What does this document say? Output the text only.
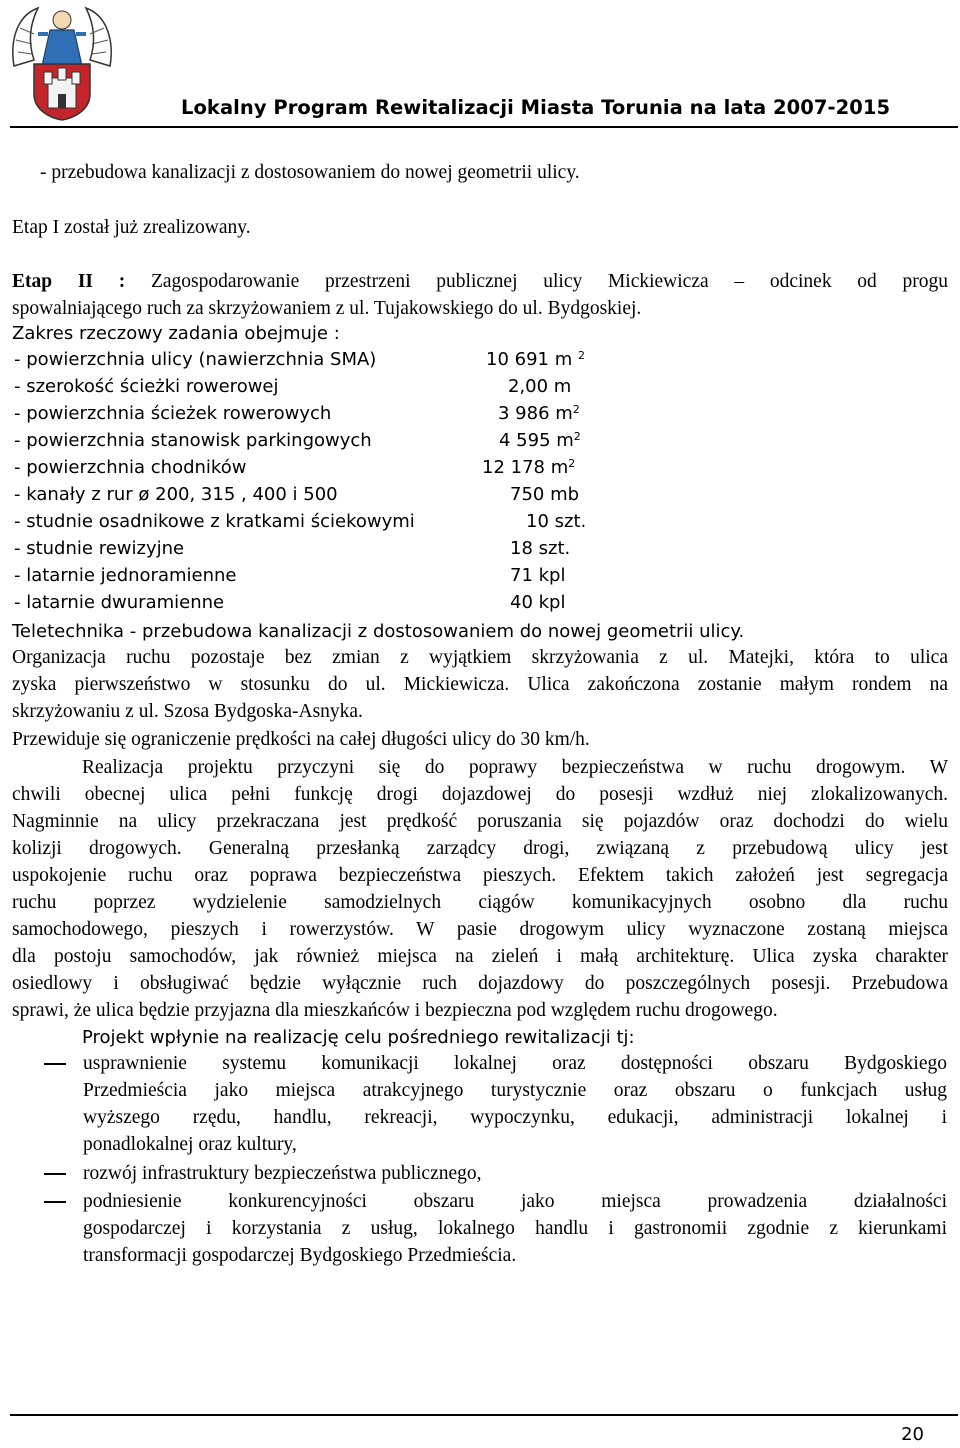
Lokalny Program Rewitalizacji Miasta Torunia na lata 2007-2015
- przebudowa kanalizacji z dostosowaniem do nowej geometrii ulicy.
Etap I został już zrealizowany.
Etap II : Zagospodarowanie przestrzeni publicznej ulicy Mickiewicza – odcinek od progu
spowalniającego ruch za skrzyżowaniem z ul. Tujakowskiego do ul. Bydgoskiej.
Zakres rzeczowy zadania obejmuje :
- powierzchnia ulicy (nawierzchnia SMA)	10 691 m $^2$
- szerokość ścieżki rowerowej	2,00 m
- powierzchnia ścieżek rowerowych	3 986 $m^2$
- powierzchnia stanowisk parkingowych	4 595 $m^2$
- powierzchnia chodników	12 178 $m^2$
- kanały z rur ø 200, 315 , 400 i 500	750 mb
- studnie osadnikowe z kratkami ściekowymi	10 szt.
- studnie rewizyjne	18 szt.
- latarnie jednoramienne	71 kpl
- latarnie dwuramienne	40 kpl
Teletechnika - przebudowa kanalizacji z dostosowaniem do nowej geometrii ulicy.
Organizacja ruchu pozostaje bez zmian z wyjątkiem skrzyżowania z ul. Matejki, która to ulica
zyska pierwszeństwo w stosunku do ul. Mickiewicza. Ulica zakończona zostanie małym rondem na
skrzyżowaniu z ul. Szosa Bydgoska-Asnyka.
Przewiduje się ograniczenie prędkości na całej długości ulicy do 30 km/h.
Realizacja projektu przyczyni się do poprawy bezpieczeństwa w ruchu drogowym. W
chwili obecnej ulica pełni funkcję drogi dojazdowej do posesji wzdłuż niej zlokalizowanych.
Nagminnie na ulicy przekraczana jest prędkość poruszania się pojazdów oraz dochodzi do wielu
kolizji drogowych. Generalną przesłanką zarządcy drogi, związaną z przebudową ulicy jest
uspokojenie ruchu oraz poprawa bezpieczeństwa pieszych. Efektem takich założeń jest segregacja
ruchu poprzez wydzielenie samodzielnych ciągów komunikacyjnych osobno dla ruchu
samochodowego, pieszych i rowerzystów. W pasie drogowym ulicy wyznaczone zostaną miejsca
dla postoju samochodów, jak również miejsca na zieleń i małą architekturę. Ulica zyska charakter
osiedlowy i obsługiwać będzie wyłącznie ruch dojazdowy do poszczególnych posesji. Przebudowa
sprawi, że ulica będzie przyjazna dla mieszkańców i bezpieczna pod względem ruchu drogowego.
Projekt wpłynie na realizację celu pośredniego rewitalizacji tj:
usprawnienie systemu komunikacji lokalnej oraz dostępności obszaru Bydgoskiego
Przedmieścia jako miejsca atrakcyjnego turystycznie oraz obszaru o funkcjach usług
wyższego rzędu, handlu, rekreacji, wypoczynku, edukacji, administracji lokalnej i
ponadlokalnej oraz kultury,
rozwój infrastruktury bezpieczeństwa publicznego,
podniesienie konkurencyjności obszaru jako miejsca prowadzenia działalności
gospodarczej i korzystania z usług, lokalnego handlu i gastronomii zgodnie z kierunkami
transformacji gospodarczej Bydgoskiego Przedmieścia.
20
